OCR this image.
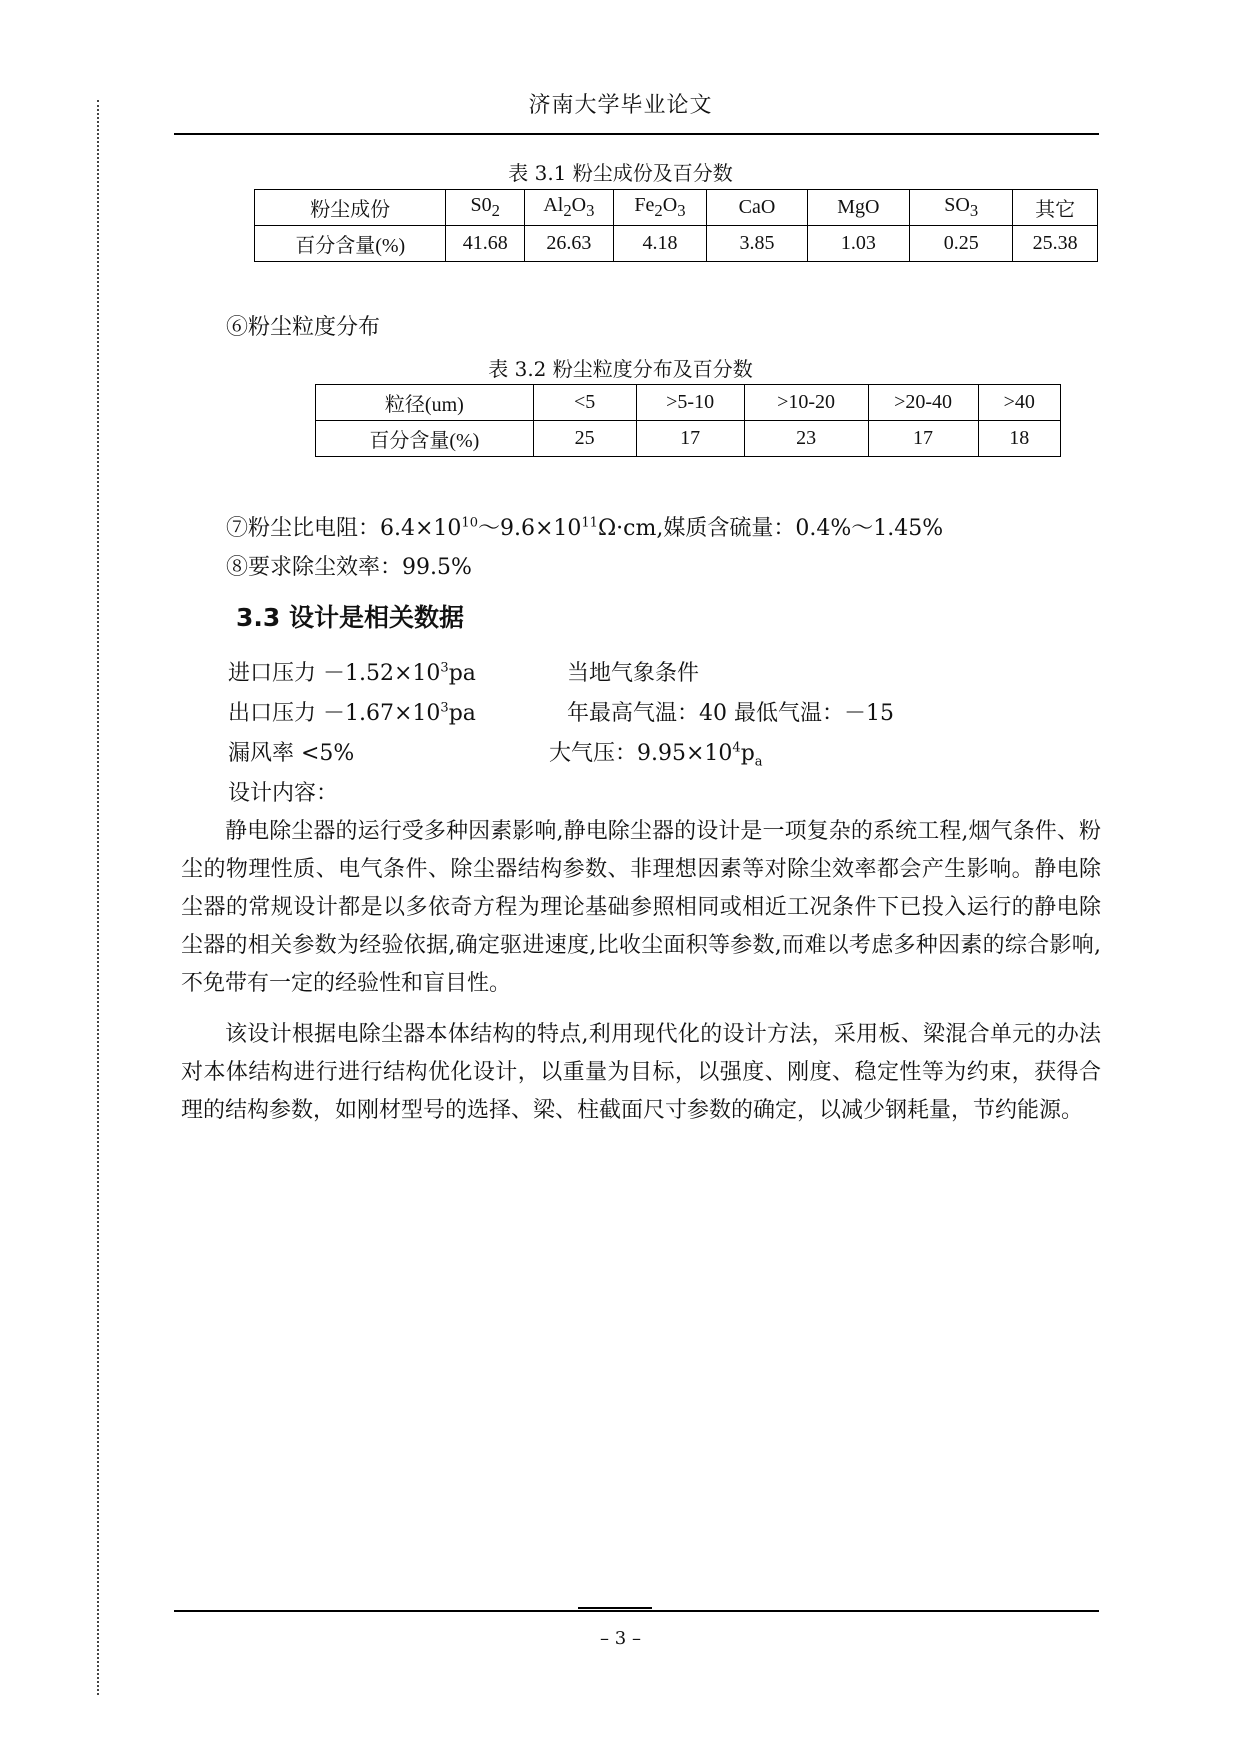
济南大学毕业论文
表 3.1 粉尘成份及百分数
粉尘成份	$S0_2$	$Al_2O_3$	$Fe_2O_3$	CaO	MgO	$SO_3$	其它
百分含量(%)	41.68	26.63	4.18	3.85	1.03	0.25	25.38
⑥粉尘粒度分布
表 3.2 粉尘粒度分布及百分数
粒径(um)	<5	>5-10	>10-20	>20-40	>40
百分含量(%)	25	17	23	17	18
⑦粉尘比电阻：$6.4\times 10^{10}\sim 9.6\times 10^{11}\Omega\cdot cm$,媒质含硫量：0.4%～1.45%
⑧要求除尘效率：99.5%
3.3 设计是相关数据
进口压力 $-1.52\times 10^3pa$	当地气象条件
出口压力 $-1.67\times 10^3pa$	年最高气温：40 最低气温：－15
漏风率 <5%	大气压：$9.95\times 10^4p_a$
设计内容：
静电除尘器的运行受多种因素影响,静电除尘器的设计是一项复杂的系统工程,烟气条件、粉尘的物理性质、电气条件、除尘器结构参数、非理想因素等对除尘效率都会产生影响。静电除尘器的常规设计都是以多依奇方程为理论基础参照相同或相近工况条件下已投入运行的静电除尘器的相关参数为经验依据,确定驱进速度,比收尘面积等参数,而难以考虑多种因素的综合影响,不免带有一定的经验性和盲目性。
该设计根据电除尘器本体结构的特点,利用现代化的设计方法，采用板、梁混合单元的办法对本体结构进行进行结构优化设计，以重量为目标，以强度、刚度、稳定性等为约束，获得合理的结构参数，如刚材型号的选择、梁、柱截面尺寸参数的确定，以减少钢耗量，节约能源。
– 3 –
